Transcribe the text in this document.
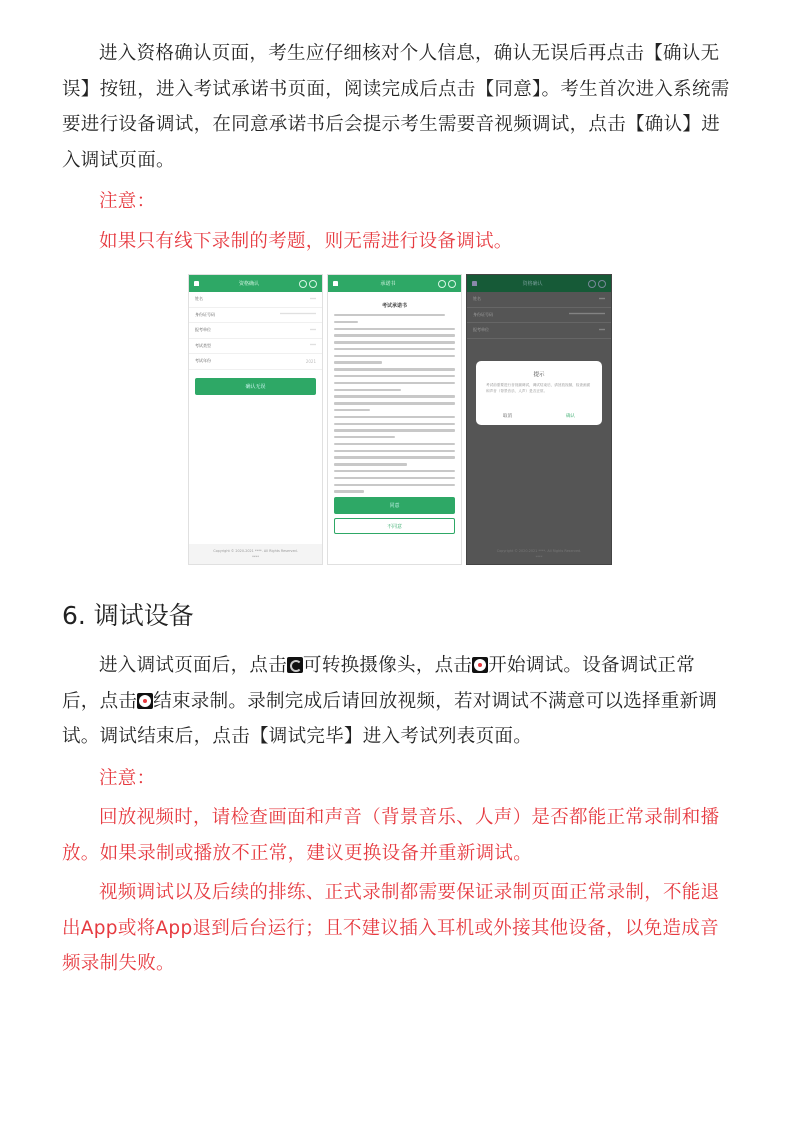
进入资格确认页面，考生应仔细核对个人信息，确认无误后再点击【确认无误】按钮，进入考试承诺书页面，阅读完成后点击【同意】。考生首次进入系统需要进行设备调试，在同意承诺书后会提示考生需要音视频调试，点击【确认】进入调试页面。

注意：

如果只有线下录制的考题，则无需进行设备调试。

资格确认
姓名	***
身份证号码	******************
报考单位	***
考试类型	***
考试年份	2021
确认无误
Copyright © 2020-2021 ****. All Rights Reserved.
****
承诺书
考试承诺书
同意
不同意
资格确认
姓名	***
身份证号码	******************
报考单位	***
提示
考试前需要进行音视频调试，调试结束后，请回放视频，检查画面和声音（背景音乐、人声）是否正常。
取消	确认
Copyright © 2020-2021 ****. All Rights Reserved.
****
6. 调试设备

进入调试页面后，点击 可转换摄像头，点击 开始调试。设备调试正常后，点击 结束录制。录制完成后请回放视频，若对调试不满意可以选择重新调试。调试结束后，点击【调试完毕】进入考试列表页面。

注意：

回放视频时，请检查画面和声音（背景音乐、人声）是否都能正常录制和播放。如果录制或播放不正常，建议更换设备并重新调试。

视频调试以及后续的排练、正式录制都需要保证录制页面正常录制，不能退出App或将App退到后台运行；且不建议插入耳机或外接其他设备，以免造成音频录制失败。
